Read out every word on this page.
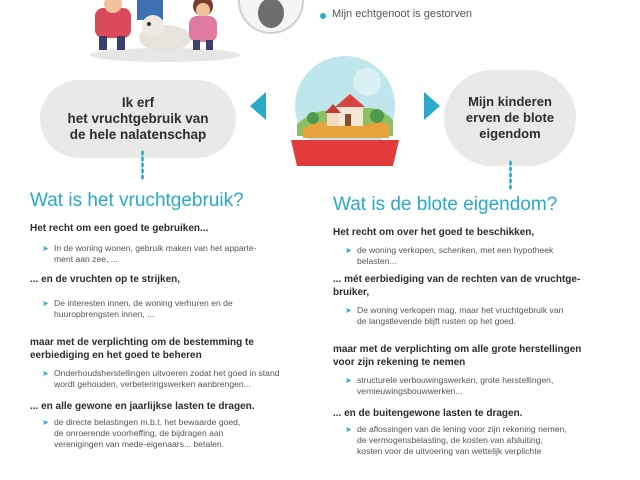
Mijn echtgenoot is gestorven
Ik erf
het vruchtgebruik van
de hele nalatenschap
Mijn kinderen
erven de blote
eigendom
Wat is het vruchtgebruik?
Het recht om een goed te gebruiken...
➤ In de woning wonen, gebruik maken van het apparte-
ment aan zee, ...
... en de vruchten op te strijken,
➤ De interesten innen, de woning verhuren en de
huuropbrengsten innen, ...
maar met de verplichting om de bestemming te
eerbiediging en het goed te beheren
➤ Onderhoudsherstellingen uitvoeren zodat het goed in stand
wordt gehouden, verbeteringswerken aanbrengen...
... en alle gewone en jaarlijkse lasten te dragen.
➤ de directe belastingen m.b.t. het bewaarde goed,
de onroerende voorheffing, de bijdragen aan
verenigingen van mede-eigenaars... betalen.
Wat is de blote eigendom?
Het recht om over het goed te beschikken,
➤ de woning verkopen, schenken, met een hypotheek
belasten...
... mét eerbiediging van de rechten van de vruchtge-
bruiker,
➤ De woning verkopen mag, maar het vruchtgebruik van
de langstlevende blijft rusten op het goed.
maar met de verplichting om alle grote herstellingen
voor zijn rekening te nemen
➤ structurele verbouwingswerken, grote herstellingen,
vernieuwingsbouwwerken...
... en de buitengewone lasten te dragen.
➤ de aflossingen van de lening voor zijn rekening nemen,
de vermogensbelasting, de kosten van afsluiting,
kosten voor de uitvoering van wettelijk verplichte
